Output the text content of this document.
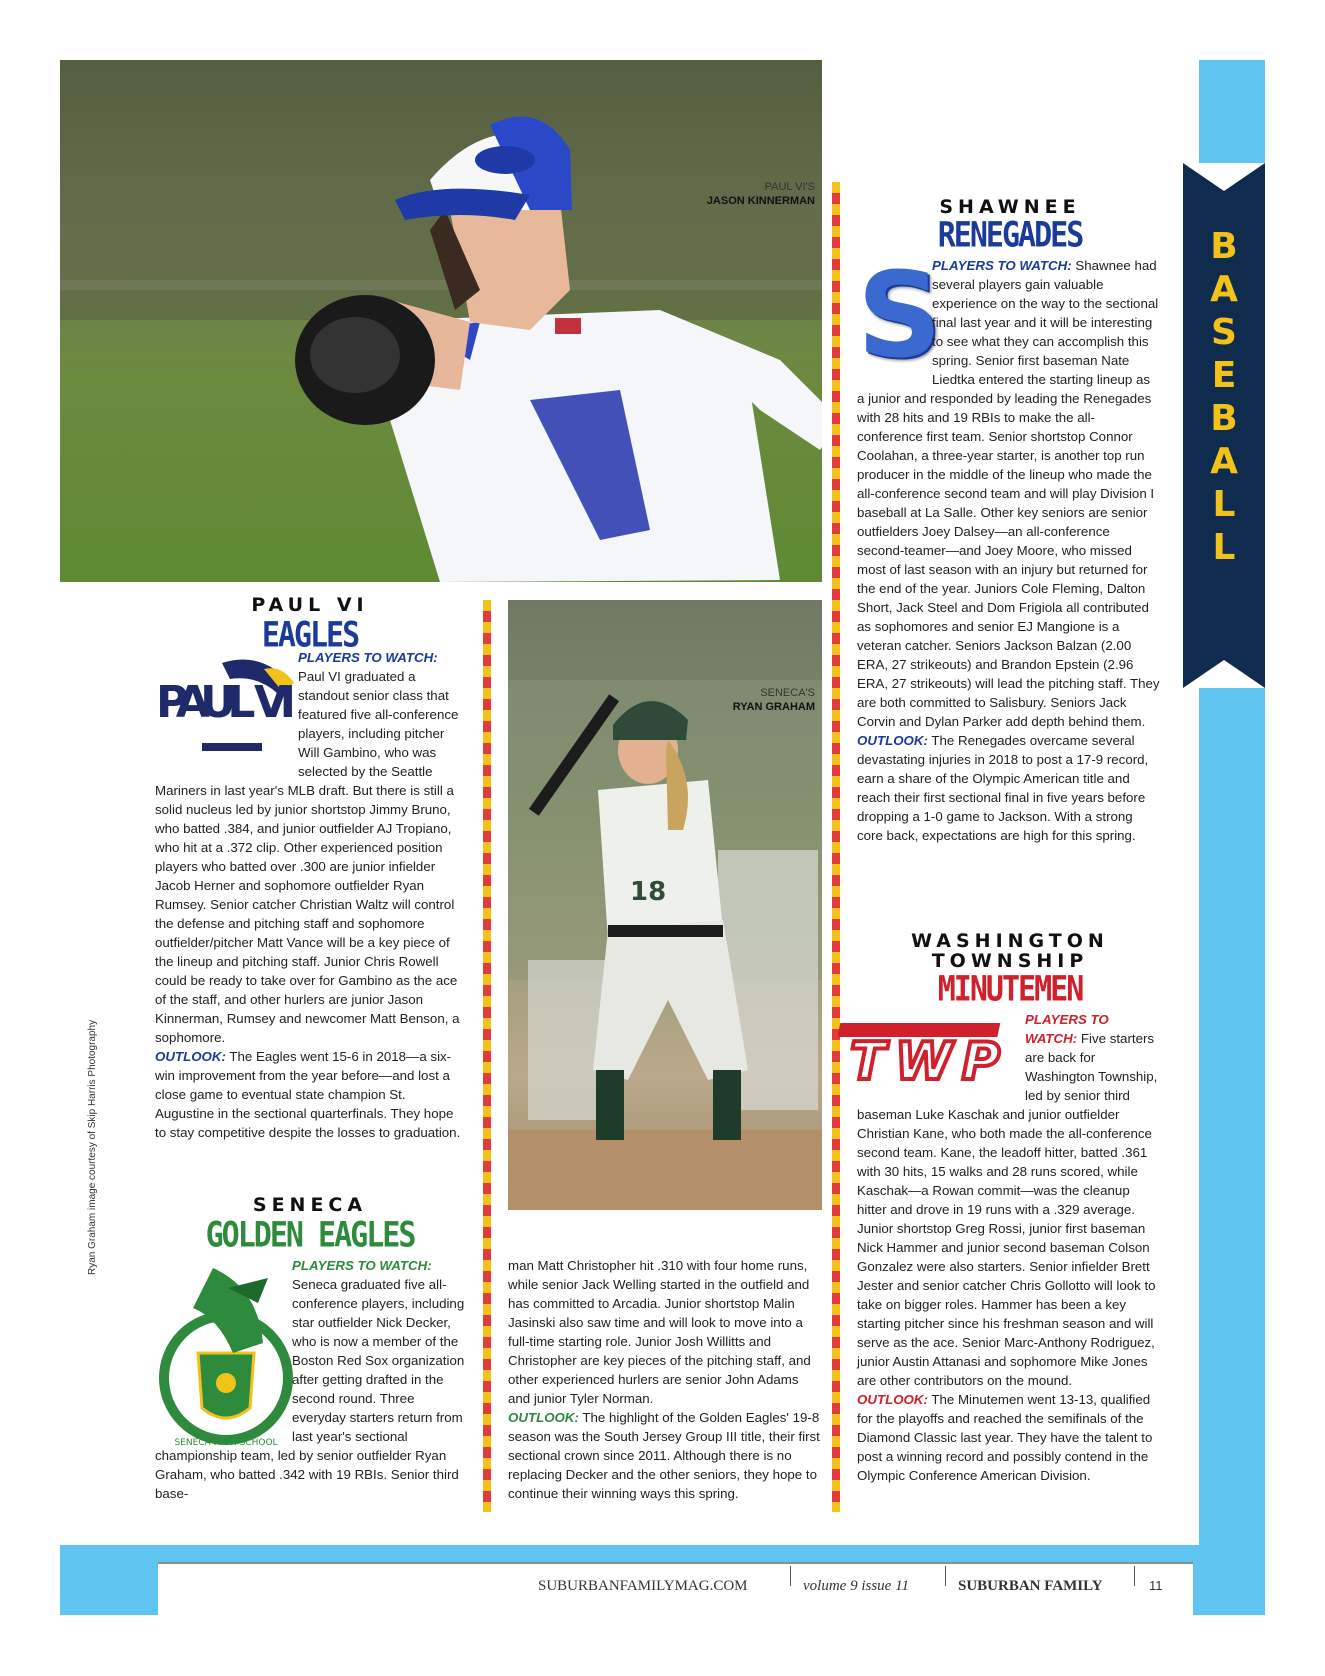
B
A
S
E
B
A
L
L
PAUL VI'S
JASON KINNERMAN
18
SENECA'S
RYAN GRAHAM
Ryan Graham image courtesy of Skip Harris Photography
PAUL VI
EAGLES
PAUL VI
PLAYERS TO WATCH: Paul VI graduated a standout senior class that featured five all-conference players, including pitcher Will Gambino, who was selected by the Seattle Mariners in last year's MLB draft. But there is still a solid nucleus led by junior shortstop Jimmy Bruno, who batted .384, and junior outfielder AJ Tropiano, who hit at a .372 clip. Other experienced position players who batted over .300 are junior infielder Jacob Herner and sophomore outfielder Ryan Rumsey. Senior catcher Christian Waltz will control the defense and pitching staff and sophomore outfielder/pitcher Matt Vance will be a key piece of the lineup and pitching staff. Junior Chris Rowell could be ready to take over for Gambino as the ace of the staff, and other hurlers are junior Jason Kinnerman, Rumsey and newcomer Matt Benson, a sophomore.
OUTLOOK: The Eagles went 15-6 in 2018—a six-win improvement from the year before—and lost a close game to eventual state champion St. Augustine in the sectional quarterfinals. They hope to stay competitive despite the losses to graduation.
SENECA
GOLDEN EAGLES
SENECA HIGH SCHOOL
PLAYERS TO WATCH: Seneca graduated five all-conference players, including star outfielder Nick Decker, who is now a member of the Boston Red Sox organization after getting drafted in the second round. Three everyday starters return from last year's sectional championship team, led by senior outfielder Ryan Graham, who batted .342 with 19 RBIs. Senior third base-
man Matt Christopher hit .310 with four home runs, while senior Jack Welling started in the outfield and has committed to Arcadia. Junior shortstop Malin Jasinski also saw time and will look to move into a full-time starting role. Junior Josh Willitts and Christopher are key pieces of the pitching staff, and other experienced hurlers are senior John Adams and junior Tyler Norman.
OUTLOOK: The highlight of the Golden Eagles' 19-8 season was the South Jersey Group III title, their first sectional crown since 2011. Although there is no replacing Decker and the other seniors, they hope to continue their winning ways this spring.
SHAWNEE
RENEGADES
S
PLAYERS TO WATCH: Shawnee had several players gain valuable experience on the way to the sectional final last year and it will be interesting to see what they can accomplish this spring. Senior first baseman Nate Liedtka entered the starting lineup as a junior and responded by leading the Renegades with 28 hits and 19 RBIs to make the all-conference first team. Senior shortstop Connor Coolahan, a three-year starter, is another top run producer in the middle of the lineup who made the all-conference second team and will play Division I baseball at La Salle. Other key seniors are senior outfielders Joey Dalsey—an all-conference second-teamer—and Joey Moore, who missed most of last season with an injury but returned for the end of the year. Juniors Cole Fleming, Dalton Short, Jack Steel and Dom Frigiola all contributed as sophomores and senior EJ Mangione is a veteran catcher. Seniors Jackson Balzan (2.00 ERA, 27 strikeouts) and Brandon Epstein (2.96 ERA, 27 strikeouts) will lead the pitching staff. They are both committed to Salisbury. Seniors Jack Corvin and Dylan Parker add depth behind them.
OUTLOOK: The Renegades overcame several devastating injuries in 2018 to post a 17-9 record, earn a share of the Olympic American title and reach their first sectional final in five years before dropping a 1-0 game to Jackson. With a strong core back, expectations are high for this spring.
WASHINGTON
TOWNSHIP
MINUTEMEN
TWP
PLAYERS TO WATCH: Five starters are back for Washington Township, led by senior third baseman Luke Kaschak and junior outfielder Christian Kane, who both made the all-conference second team. Kane, the leadoff hitter, batted .361 with 30 hits, 15 walks and 28 runs scored, while Kaschak—a Rowan commit—was the cleanup hitter and drove in 19 runs with a .329 average. Junior shortstop Greg Rossi, junior first baseman Nick Hammer and junior second baseman Colson Gonzalez were also starters. Senior infielder Brett Jester and senior catcher Chris Gollotto will look to take on bigger roles. Hammer has been a key starting pitcher since his freshman season and will serve as the ace. Senior Marc-Anthony Rodriguez, junior Austin Attanasi and sophomore Mike Jones are other contributors on the mound.
OUTLOOK: The Minutemen went 13-13, qualified for the playoffs and reached the semifinals of the Diamond Classic last year. They have the talent to post a winning record and possibly contend in the Olympic Conference American Division.
SUBURBANFAMILYMAG.COM	volume 9 issue 11	SUBURBAN FAMILY	11
